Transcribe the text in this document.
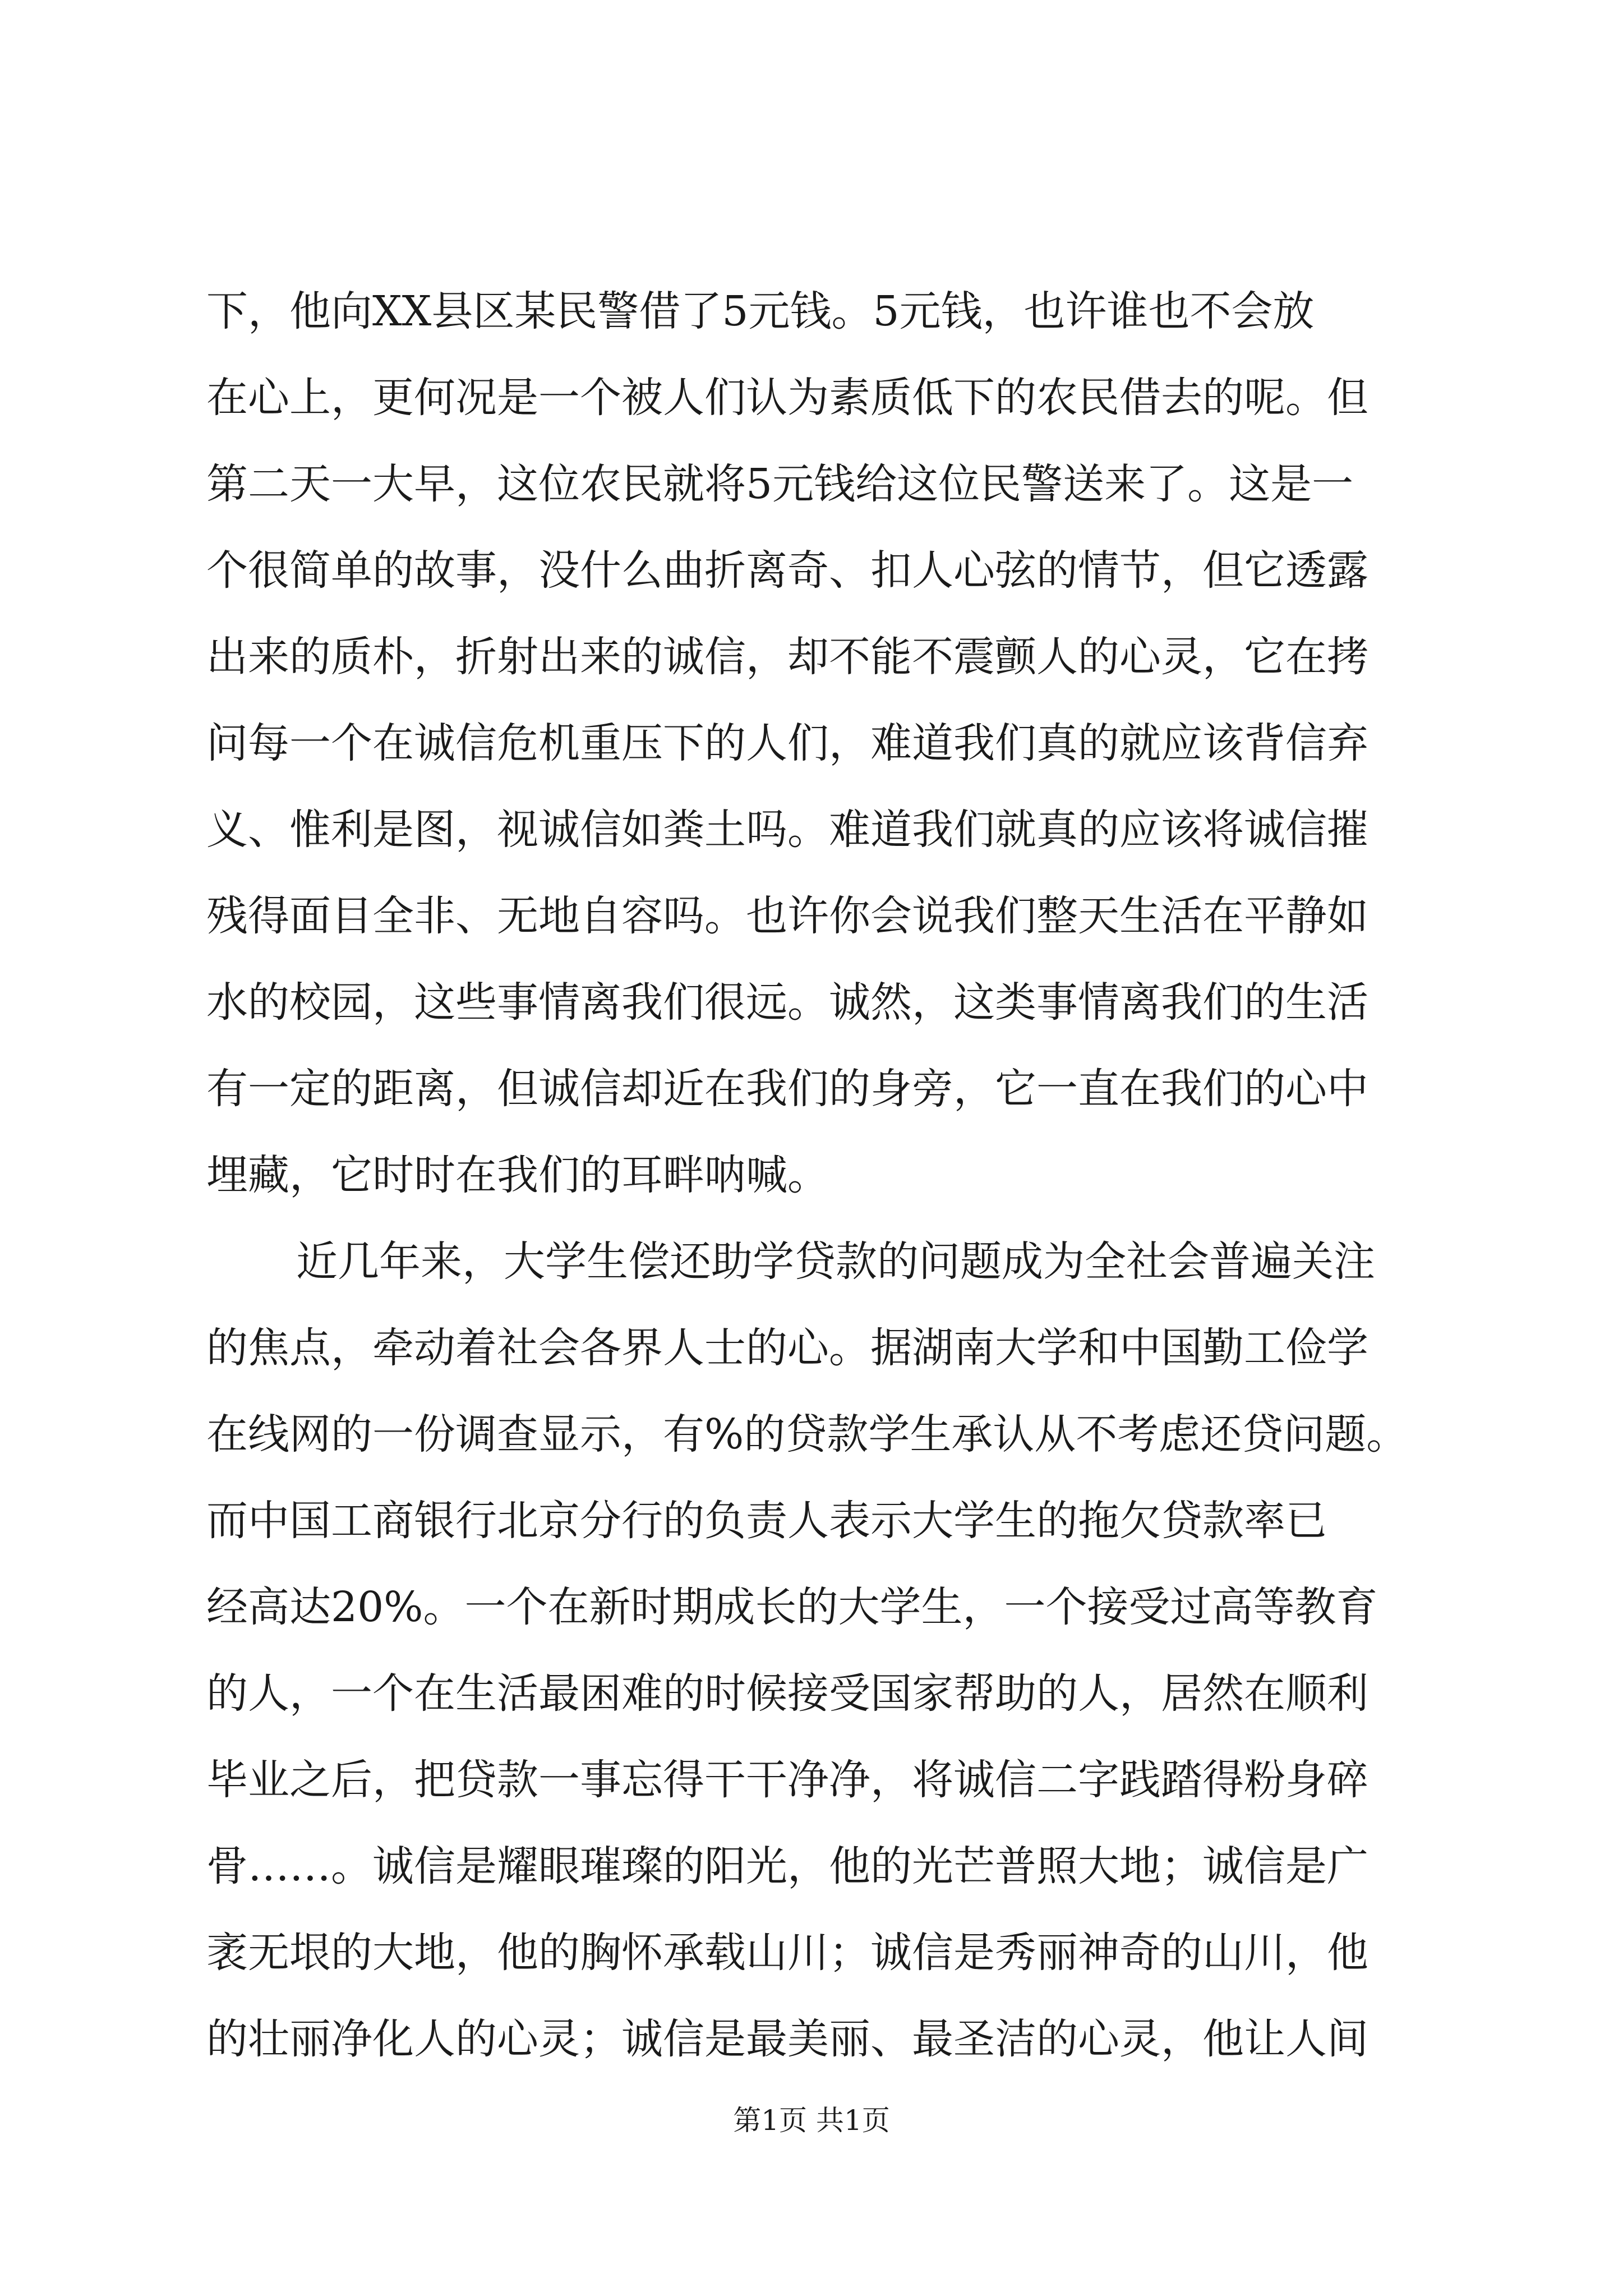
下，他向XX县区某民警借了5元钱。5元钱，也许谁也不会放
在心上，更何况是一个被人们认为素质低下的农民借去的呢。但
第二天一大早，这位农民就将5元钱给这位民警送来了。这是一
个很简单的故事，没什么曲折离奇、扣人心弦的情节，但它透露
出来的质朴，折射出来的诚信，却不能不震颤人的心灵，它在拷
问每一个在诚信危机重压下的人们，难道我们真的就应该背信弃
义、惟利是图，视诚信如粪土吗。难道我们就真的应该将诚信摧
残得面目全非、无地自容吗。也许你会说我们整天生活在平静如
水的校园，这些事情离我们很远。诚然，这类事情离我们的生活
有一定的距离，但诚信却近在我们的身旁，它一直在我们的心中
埋藏，它时时在我们的耳畔呐喊。
近几年来，大学生偿还助学贷款的问题成为全社会普遍关注
的焦点，牵动着社会各界人士的心。据湖南大学和中国勤工俭学
在线网的一份调查显示，有%的贷款学生承认从不考虑还贷问题。
而中国工商银行北京分行的负责人表示大学生的拖欠贷款率已
经高达20%。一个在新时期成长的大学生，一个接受过高等教育
的人，一个在生活最困难的时候接受国家帮助的人，居然在顺利
毕业之后，把贷款一事忘得干干净净，将诚信二字践踏得粉身碎
骨……。诚信是耀眼璀璨的阳光，他的光芒普照大地；诚信是广
袤无垠的大地，他的胸怀承载山川；诚信是秀丽神奇的山川，他
的壮丽净化人的心灵；诚信是最美丽、最圣洁的心灵，他让人间
第1页 共1页
